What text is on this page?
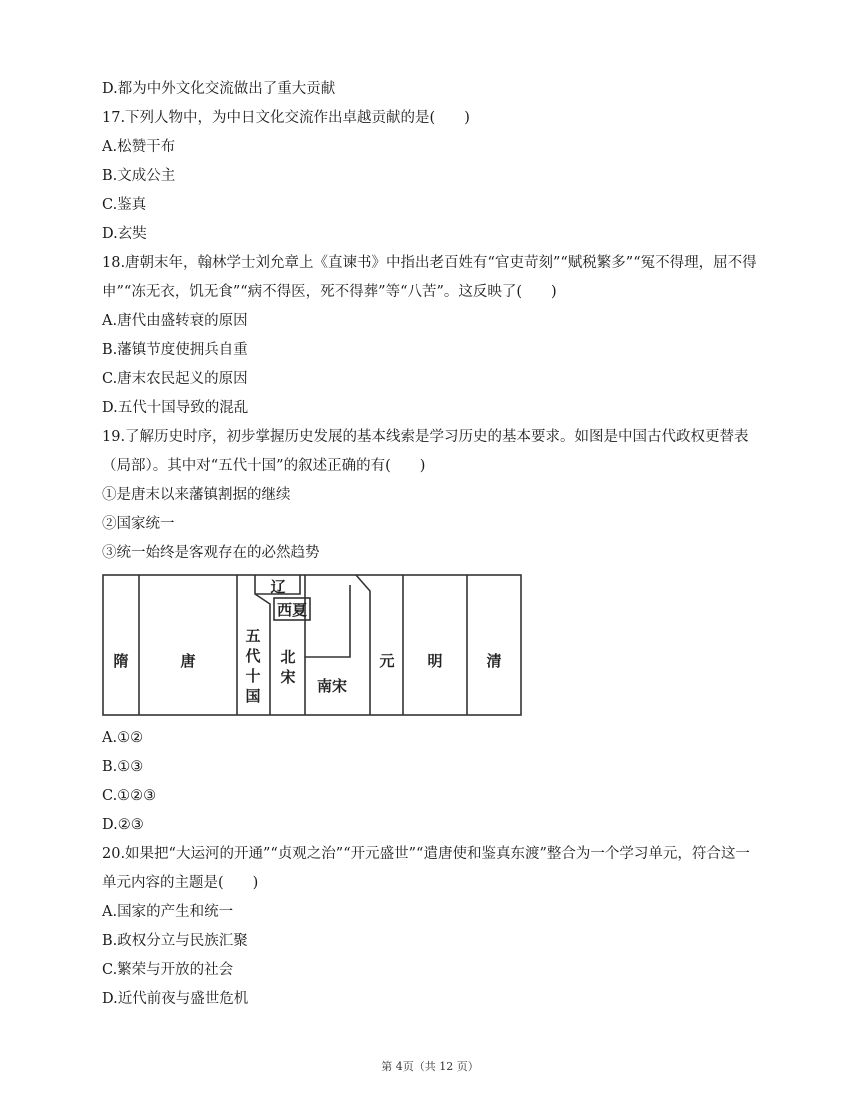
D.都为中外文化交流做出了重大贡献
17.下列人物中，为中日文化交流作出卓越贡献的是(　　)
A.松赞干布
B.文成公主
C.鉴真
D.玄奘
18.唐朝末年，翰林学士刘允章上《直谏书》中指出老百姓有“官吏苛刻”“赋税繁多”“冤不得理，屈不得
申”“冻无衣，饥无食”“病不得医，死不得葬”等“八苦”。这反映了(　　)
A.唐代由盛转衰的原因
B.藩镇节度使拥兵自重
C.唐末农民起义的原因
D.五代十国导致的混乱
19.了解历史时序，初步掌握历史发展的基本线索是学习历史的基本要求。如图是中国古代政权更替表
（局部）。其中对“五代十国”的叙述正确的有(　　)
①是唐末以来藩镇割据的继续
②国家统一
③统一始终是客观存在的必然趋势
隋	唐
五
代
十
国
辽
西夏
北
宋 南宋
元 明	清
A.①②
B.①③
C.①②③
D.②③
20.如果把“大运河的开通”“贞观之治”“开元盛世”“遣唐使和鉴真东渡”整合为一个学习单元，符合这一
单元内容的主题是(　　)
A.国家的产生和统一
B.政权分立与民族汇聚
C.繁荣与开放的社会
D.近代前夜与盛世危机
第 4页（共 12 页）
